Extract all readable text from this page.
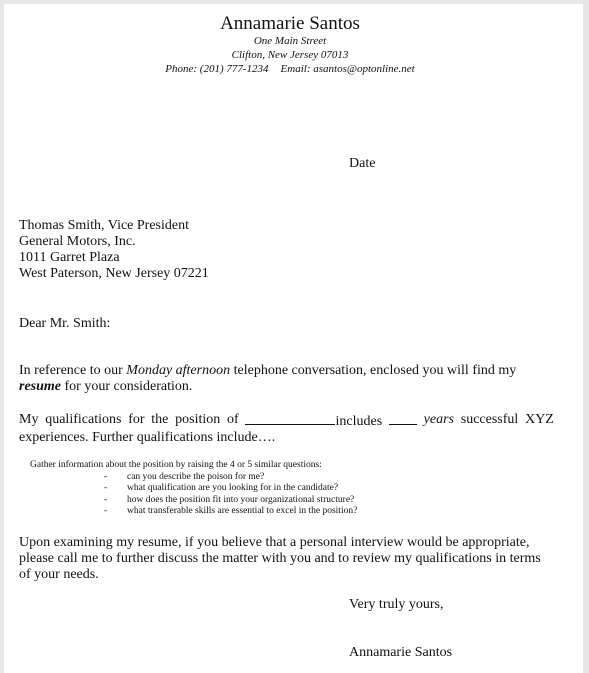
Annamarie Santos
One Main Street
Clifton, New Jersey 07013
Phone: (201) 777-1234 Email: asantos@optonline.net
Date
Thomas Smith, Vice President
General Motors, Inc.
1011 Garret Plaza
West Paterson, New Jersey 07221
Dear Mr. Smith:
In reference to our Monday afternoon telephone conversation, enclosed you will find my resume for your consideration.
My qualifications for the position of	includes	years successful XYZ
experiences. Further qualifications include….
Gather information about the position by raising the 4 or 5 similar questions:
- can you describe the poison for me?
- what qualification are you looking for in the candidate?
- how does the position fit into your organizational structure?
- what transferable skills are essential to excel in the position?
Upon examining my resume, if you believe that a personal interview would be appropriate, please call me to further discuss the matter with you and to review my qualifications in terms of your needs.
Very truly yours,
Annamarie Santos
